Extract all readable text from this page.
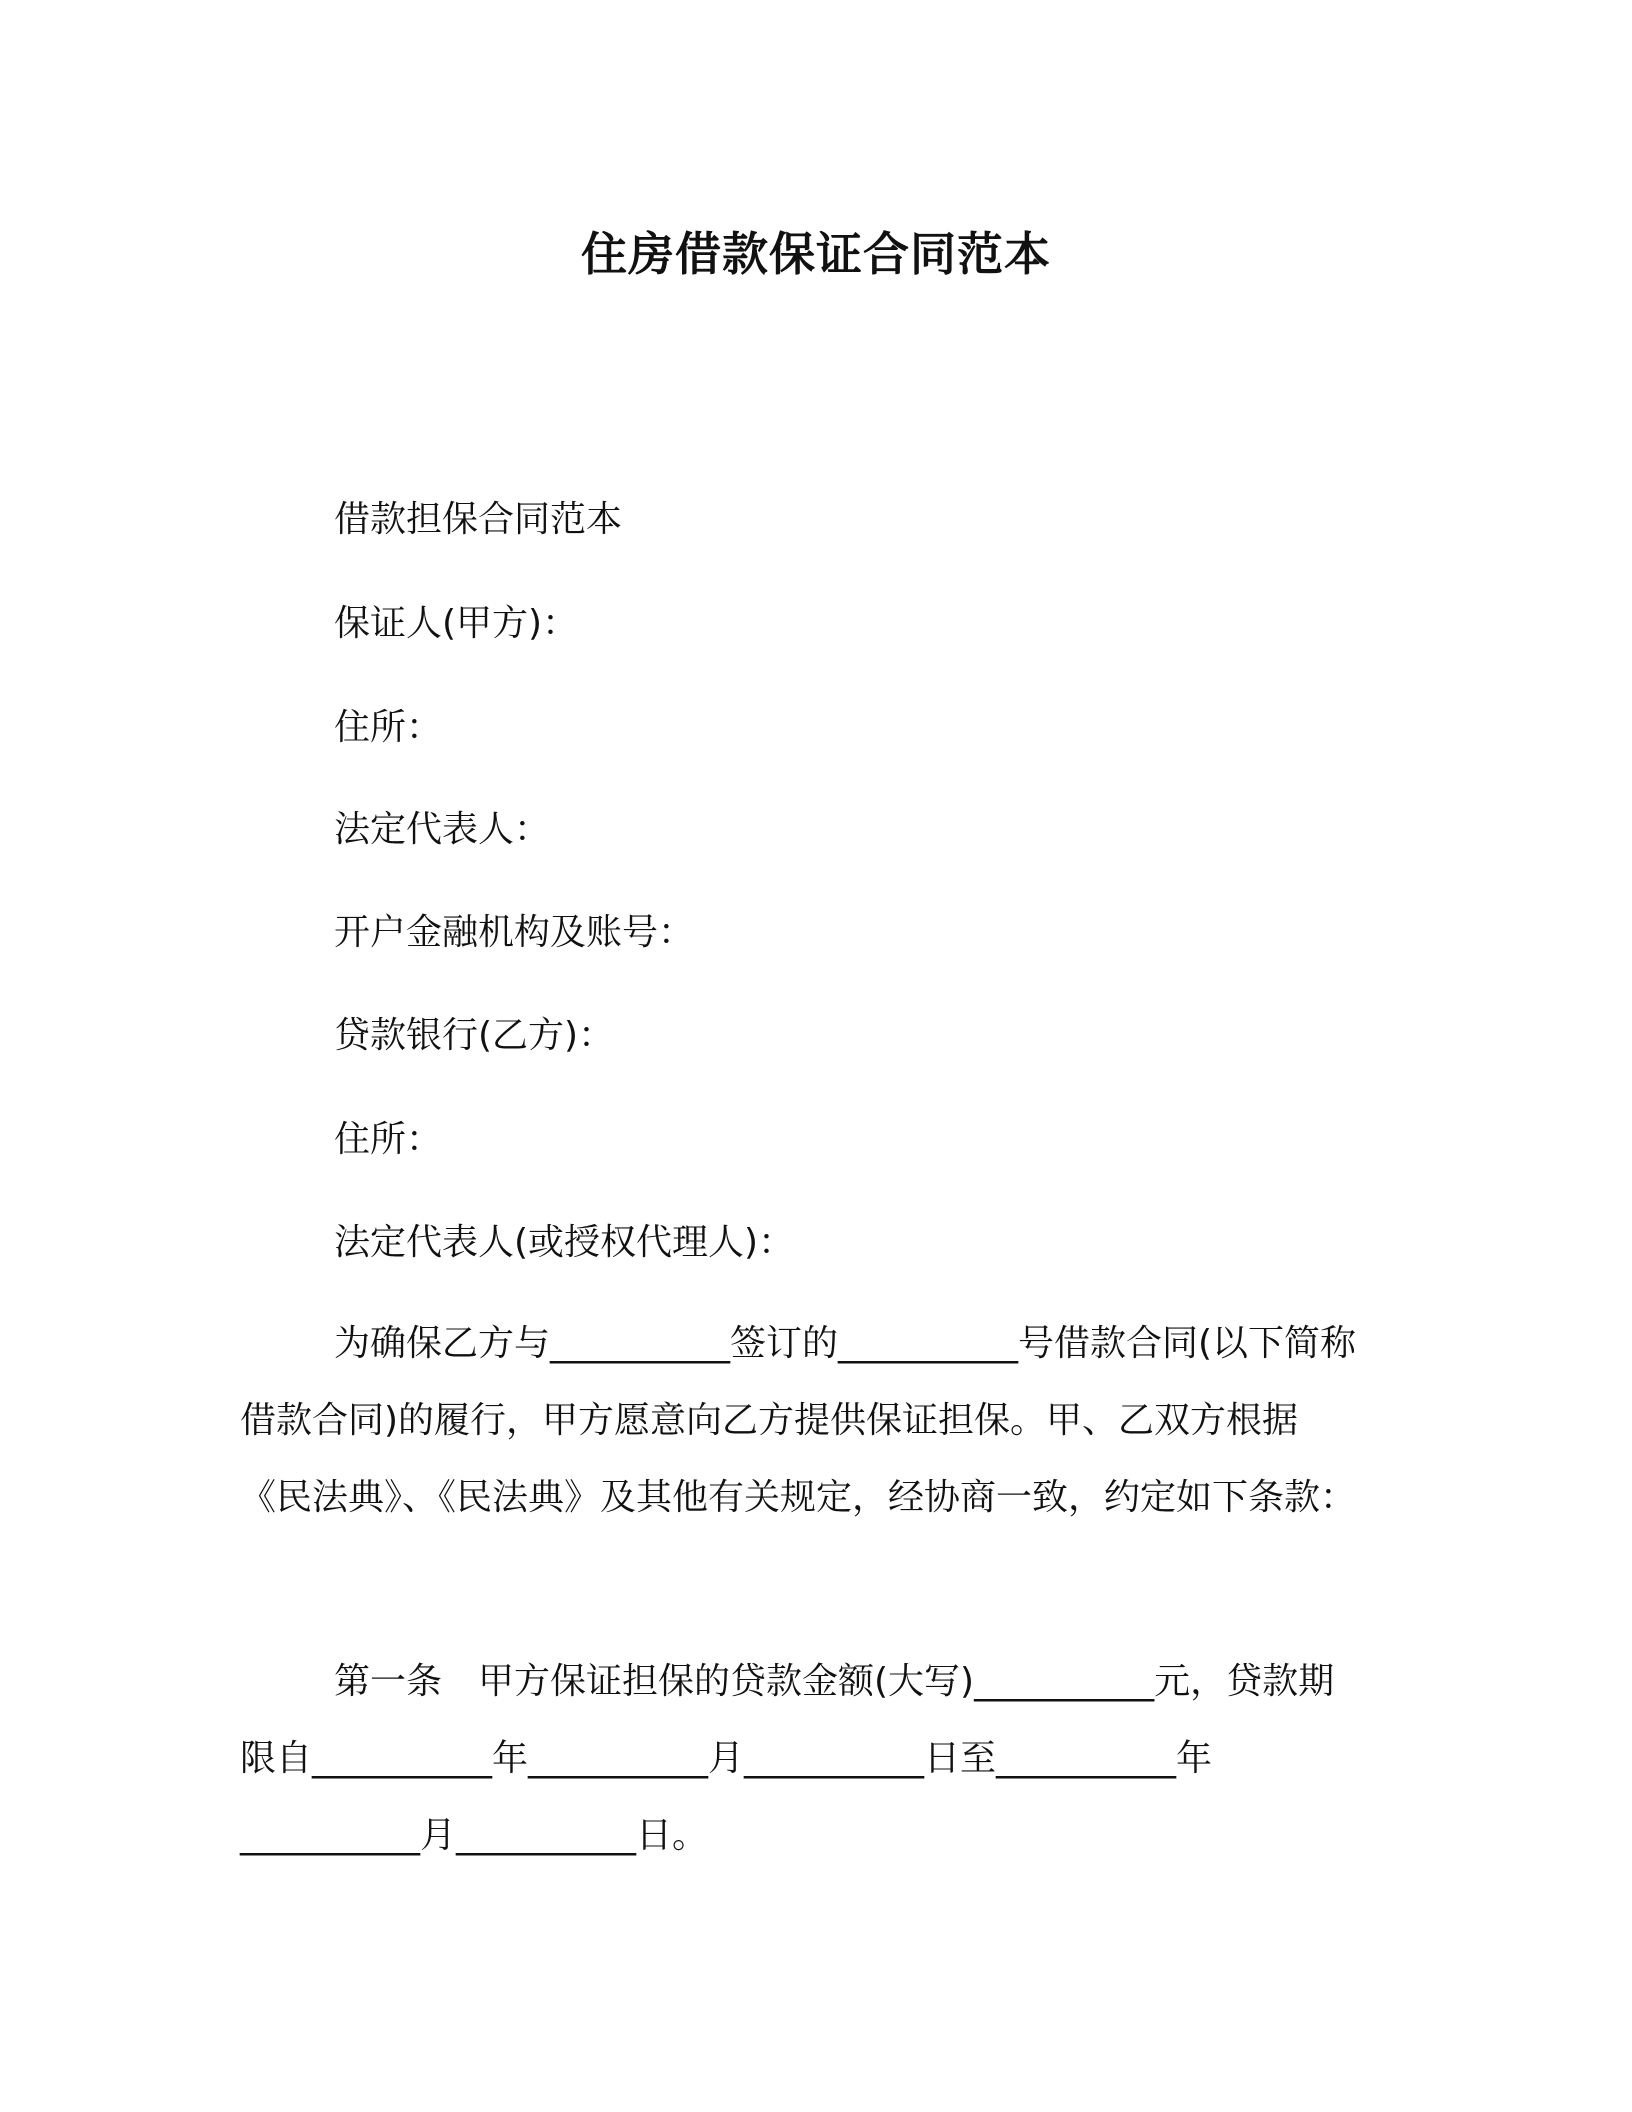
住房借款保证合同范本

借款担保合同范本

保证人(甲方)：

住所：

法定代表人：

开户金融机构及账号：

贷款银行(乙方)：

住所：

法定代表人(或授权代理人)：

为确保乙方与__________签订的__________号借款合同(以下简称借款合同)的履行，甲方愿意向乙方提供保证担保。甲、乙双方根据《民法典》、《民法典》及其他有关规定，经协商一致，约定如下条款：

第一条　甲方保证担保的贷款金额(大写)__________元，贷款期限自__________年__________月__________日至__________年__________月__________日。
